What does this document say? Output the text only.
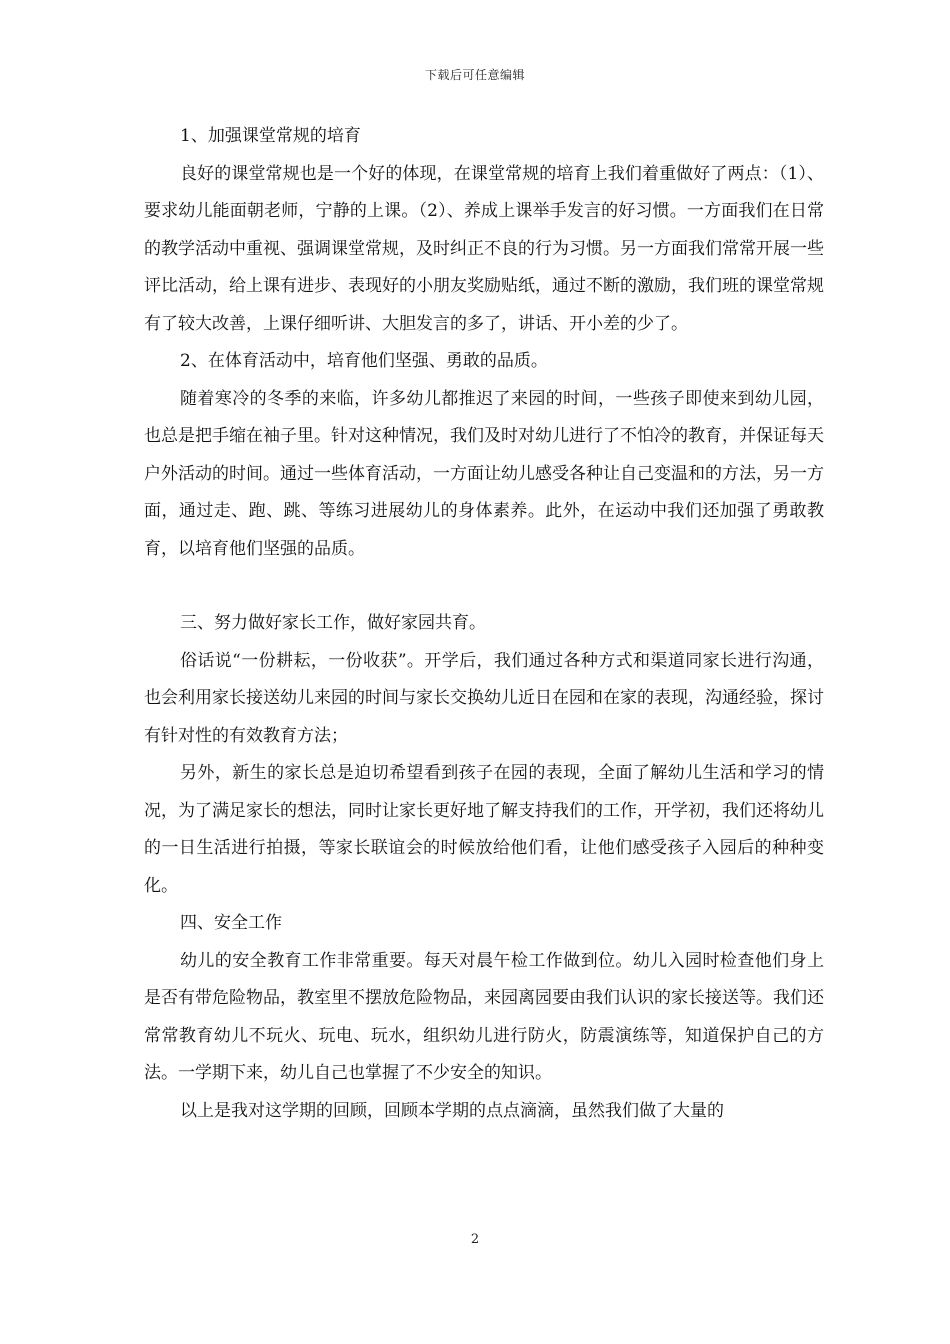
下载后可任意编辑

1、加强课堂常规的培育

良好的课堂常规也是一个好的体现，在课堂常规的培育上我们着重做好了两点：（1）、要求幼儿能面朝老师，宁静的上课。（2）、养成上课举手发言的好习惯。一方面我们在日常的教学活动中重视、强调课堂常规，及时纠正不良的行为习惯。另一方面我们常常开展一些评比活动，给上课有进步、表现好的小朋友奖励贴纸，通过不断的激励，我们班的课堂常规有了较大改善，上课仔细听讲、大胆发言的多了，讲话、开小差的少了。

2、在体育活动中，培育他们坚强、勇敢的品质。

随着寒冷的冬季的来临，许多幼儿都推迟了来园的时间，一些孩子即使来到幼儿园，也总是把手缩在袖子里。针对这种情况，我们及时对幼儿进行了不怕冷的教育，并保证每天户外活动的时间。通过一些体育活动，一方面让幼儿感受各种让自己变温和的方法，另一方面，通过走、跑、跳、等练习进展幼儿的身体素养。此外，在运动中我们还加强了勇敢教育，以培育他们坚强的品质。

三、努力做好家长工作，做好家园共育。

俗话说“一份耕耘，一份收获”。开学后，我们通过各种方式和渠道同家长进行沟通，也会利用家长接送幼儿来园的时间与家长交换幼儿近日在园和在家的表现，沟通经验，探讨有针对性的有效教育方法；

另外，新生的家长总是迫切希望看到孩子在园的表现，全面了解幼儿生活和学习的情况，为了满足家长的想法，同时让家长更好地了解支持我们的工作，开学初，我们还将幼儿的一日生活进行拍摄，等家长联谊会的时候放给他们看，让他们感受孩子入园后的种种变化。

四、安全工作

幼儿的安全教育工作非常重要。每天对晨午检工作做到位。幼儿入园时检查他们身上是否有带危险物品，教室里不摆放危险物品，来园离园要由我们认识的家长接送等。我们还常常教育幼儿不玩火、玩电、玩水，组织幼儿进行防火，防震演练等，知道保护自己的方法。一学期下来，幼儿自己也掌握了不少安全的知识。

以上是我对这学期的回顾，回顾本学期的点点滴滴，虽然我们做了大量的

2
